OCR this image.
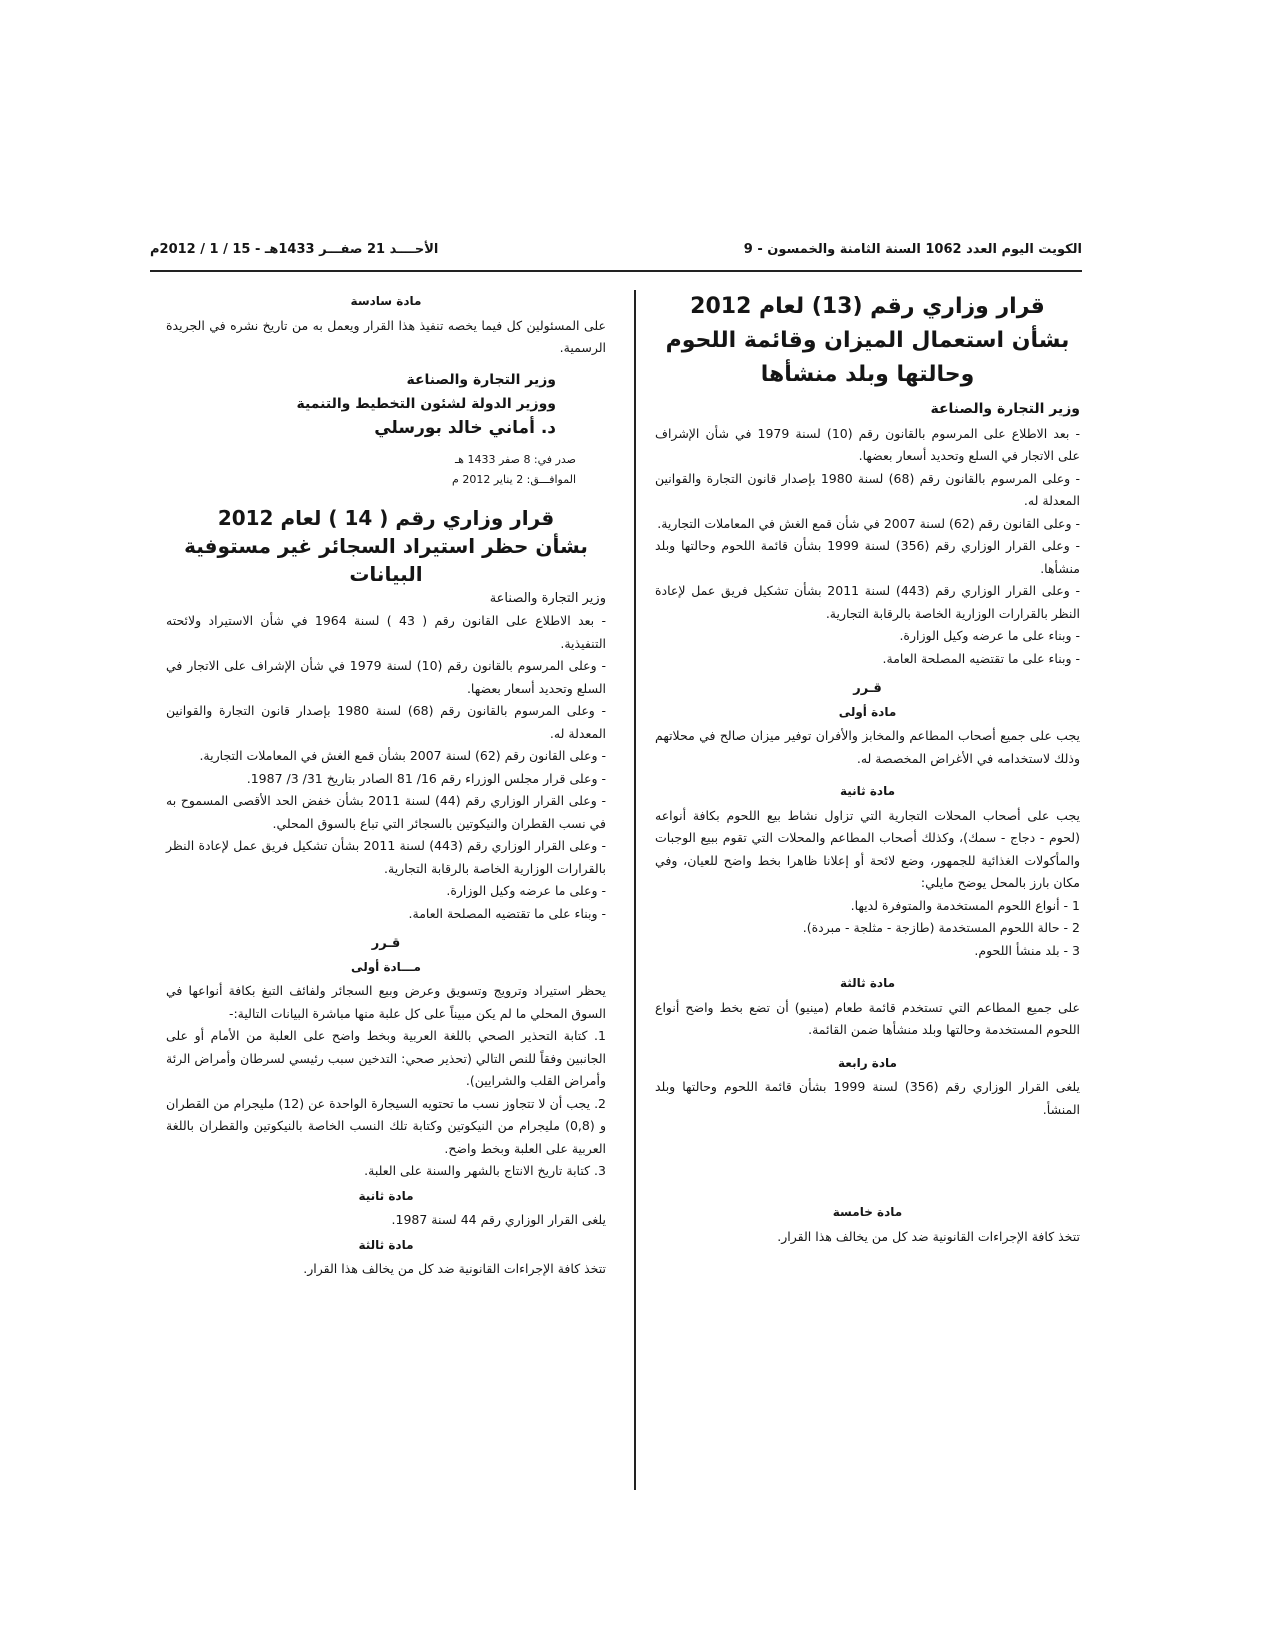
الكويت اليوم العدد 1062 السنة الثامنة والخمسون - 9
الأحــــد 21 صفـــر 1433هـ - 15 / 1 / 2012م

قرار وزاري رقم (13) لعام 2012

بشأن استعمال الميزان وقائمة اللحوم

وحالتها وبلد منشأها

وزير التجارة والصناعة

- بعد الاطلاع على المرسوم بالقانون رقم (10) لسنة 1979 في شأن الإشراف على الاتجار في السلع وتحديد أسعار بعضها.

- وعلى المرسوم بالقانون رقم (68) لسنة 1980 بإصدار قانون التجارة والقوانين المعدلة له.

- وعلى القانون رقم (62) لسنة 2007 في شأن قمع الغش في المعاملات التجارية.

- وعلى القرار الوزاري رقم (356) لسنة 1999 بشأن قائمة اللحوم وحالتها وبلد منشأها.

- وعلى القرار الوزاري رقم (443) لسنة 2011 بشأن تشكيل فريق عمل لإعادة النظر بالقرارات الوزارية الخاصة بالرقابة التجارية.

- وبناء على ما عرضه وكيل الوزارة.

- وبناء على ما تقتضيه المصلحة العامة.

قـرر

مادة أولى

يجب على جميع أصحاب المطاعم والمخابز والأفران توفير ميزان صالح في محلاتهم وذلك لاستخدامه في الأغراض المخصصة له.

مادة ثانية

يجب على أصحاب المحلات التجارية التي تزاول نشاط بيع اللحوم بكافة أنواعه (لحوم - دجاج - سمك)، وكذلك أصحاب المطاعم والمحلات التي تقوم ببيع الوجبات والمأكولات الغذائية للجمهور، وضع لائحة أو إعلانا ظاهرا بخط واضح للعيان، وفي مكان بارز بالمحل يوضح مايلي:

1 - أنواع اللحوم المستخدمة والمتوفرة لديها.

2 - حالة اللحوم المستخدمة (طازجة - مثلجة - مبردة).

3 - بلد منشأ اللحوم.

مادة ثالثة

على جميع المطاعم التي تستخدم قائمة طعام (مينيو) أن تضع بخط واضح أنواع اللحوم المستخدمة وحالتها وبلد منشأها ضمن القائمة.

مادة رابعة

يلغى القرار الوزاري رقم (356) لسنة 1999 بشأن قائمة اللحوم وحالتها وبلد المنشأ.

مادة خامسة

تتخذ كافة الإجراءات القانونية ضد كل من يخالف هذا القرار.

مادة سادسة

على المسئولين كل فيما يخصه تنفيذ هذا القرار ويعمل به من تاريخ نشره في الجريدة الرسمية.

وزير التجارة والصناعة

ووزير الدولة لشئون التخطيط والتنمية

د. أماني خالد بورسلي

صدر في: 8 صفر 1433 هـ

الموافـــق: 2 يناير 2012 م

قرار وزاري رقم ( 14 ) لعام 2012

بشأن حظر استيراد السجائر غير مستوفية البيانات

وزير التجارة والصناعة

- بعد الاطلاع على القانون رقم ( 43 ) لسنة 1964 في شأن الاستيراد ولائحته التنفيذية.

- وعلى المرسوم بالقانون رقم (10) لسنة 1979 في شأن الإشراف على الاتجار في السلع وتحديد أسعار بعضها.

- وعلى المرسوم بالقانون رقم (68) لسنة 1980 بإصدار قانون التجارة والقوانين المعدلة له.

- وعلى القانون رقم (62) لسنة 2007 بشأن قمع الغش في المعاملات التجارية.

- وعلى قرار مجلس الوزراء رقم 16/ 81 الصادر بتاريخ 31/ 3/ 1987.

- وعلى القرار الوزاري رقم (44) لسنة 2011 بشأن خفض الحد الأقصى المسموح به في نسب القطران والنيكوتين بالسجائر التي تباع بالسوق المحلي.

- وعلى القرار الوزاري رقم (443) لسنة 2011 بشأن تشكيل فريق عمل لإعادة النظر بالقرارات الوزارية الخاصة بالرقابة التجارية.

- وعلى ما عرضه وكيل الوزارة.

- وبناء على ما تقتضيه المصلحة العامة.

قـرر

مـــادة أولى

يحظر استيراد وترويج وتسويق وعرض وبيع السجائر ولفائف التبغ بكافة أنواعها في السوق المحلي ما لم يكن مبيناً على كل علبة منها مباشرة البيانات التالية:-

1. كتابة التحذير الصحي باللغة العربية وبخط واضح على العلبة من الأمام أو على الجانبين وفقاً للنص التالي (تحذير صحي: التدخين سبب رئيسي لسرطان وأمراض الرئة وأمراض القلب والشرايين).

2. يجب أن لا تتجاوز نسب ما تحتويه السيجارة الواحدة عن (12) مليجرام من القطران و (0,8) مليجرام من النيكوتين وكتابة تلك النسب الخاصة بالنيكوتين والقطران باللغة العربية على العلبة وبخط واضح.

3. كتابة تاريخ الانتاج بالشهر والسنة على العلبة.

مادة ثانية

يلغى القرار الوزاري رقم 44 لسنة 1987.

مادة ثالثة

تتخذ كافة الإجراءات القانونية ضد كل من يخالف هذا القرار.
